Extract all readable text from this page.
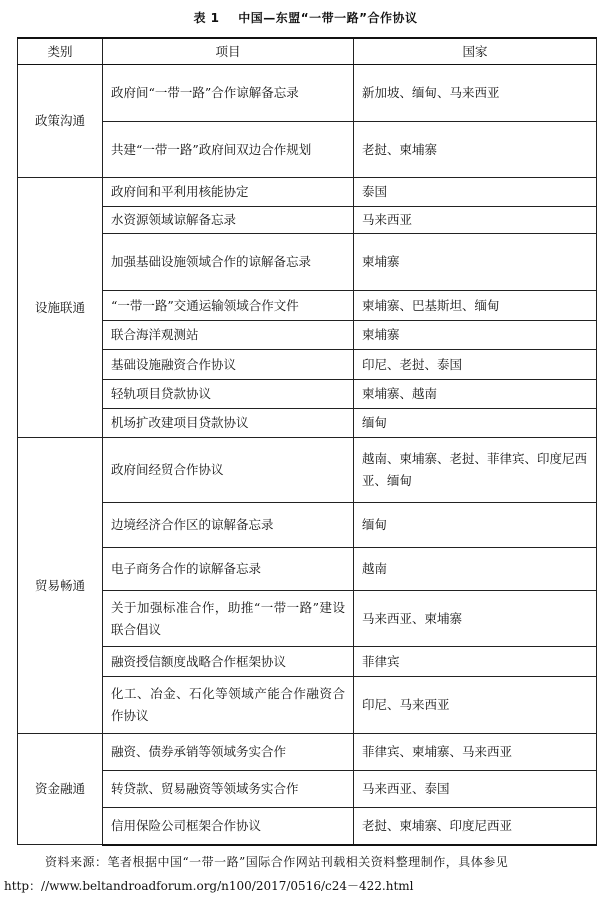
表 1 中国—东盟“一带一路”合作协议
类别	项目	国家
政策沟通	政府间“一带一路”合作谅解备忘录	新加坡、缅甸、马来西亚
	共建“一带一路”政府间双边合作规划	老挝、柬埔寨
设施联通	政府间和平利用核能协定	泰国
	水资源领域谅解备忘录	马来西亚
	加强基础设施领域合作的谅解备忘录	柬埔寨
	“一带一路”交通运输领域合作文件	柬埔寨、巴基斯坦、缅甸
	联合海洋观测站	柬埔寨
	基础设施融资合作协议	印尼、老挝、泰国
	轻轨项目贷款协议	柬埔寨、越南
	机场扩改建项目贷款协议	缅甸
贸易畅通	政府间经贸合作协议	越南、柬埔寨、老挝、菲律宾、印度尼西亚、缅甸
	边境经济合作区的谅解备忘录	缅甸
	电子商务合作的谅解备忘录	越南
	关于加强标准合作，助推“一带一路”建设联合倡议	马来西亚、柬埔寨
	融资授信额度战略合作框架协议	菲律宾
	化工、冶金、石化等领域产能合作融资合作协议	印尼、马来西亚
资金融通	融资、债券承销等领域务实合作	菲律宾、柬埔寨、马来西亚
	转贷款、贸易融资等领域务实合作	马来西亚、泰国
	信用保险公司框架合作协议	老挝、柬埔寨、印度尼西亚
资料来源：笔者根据中国“一带一路”国际合作网站刊载相关资料整理制作，具体参见
http：//www.beltandroadforum.org/n100/2017/0516/c24－422.html
